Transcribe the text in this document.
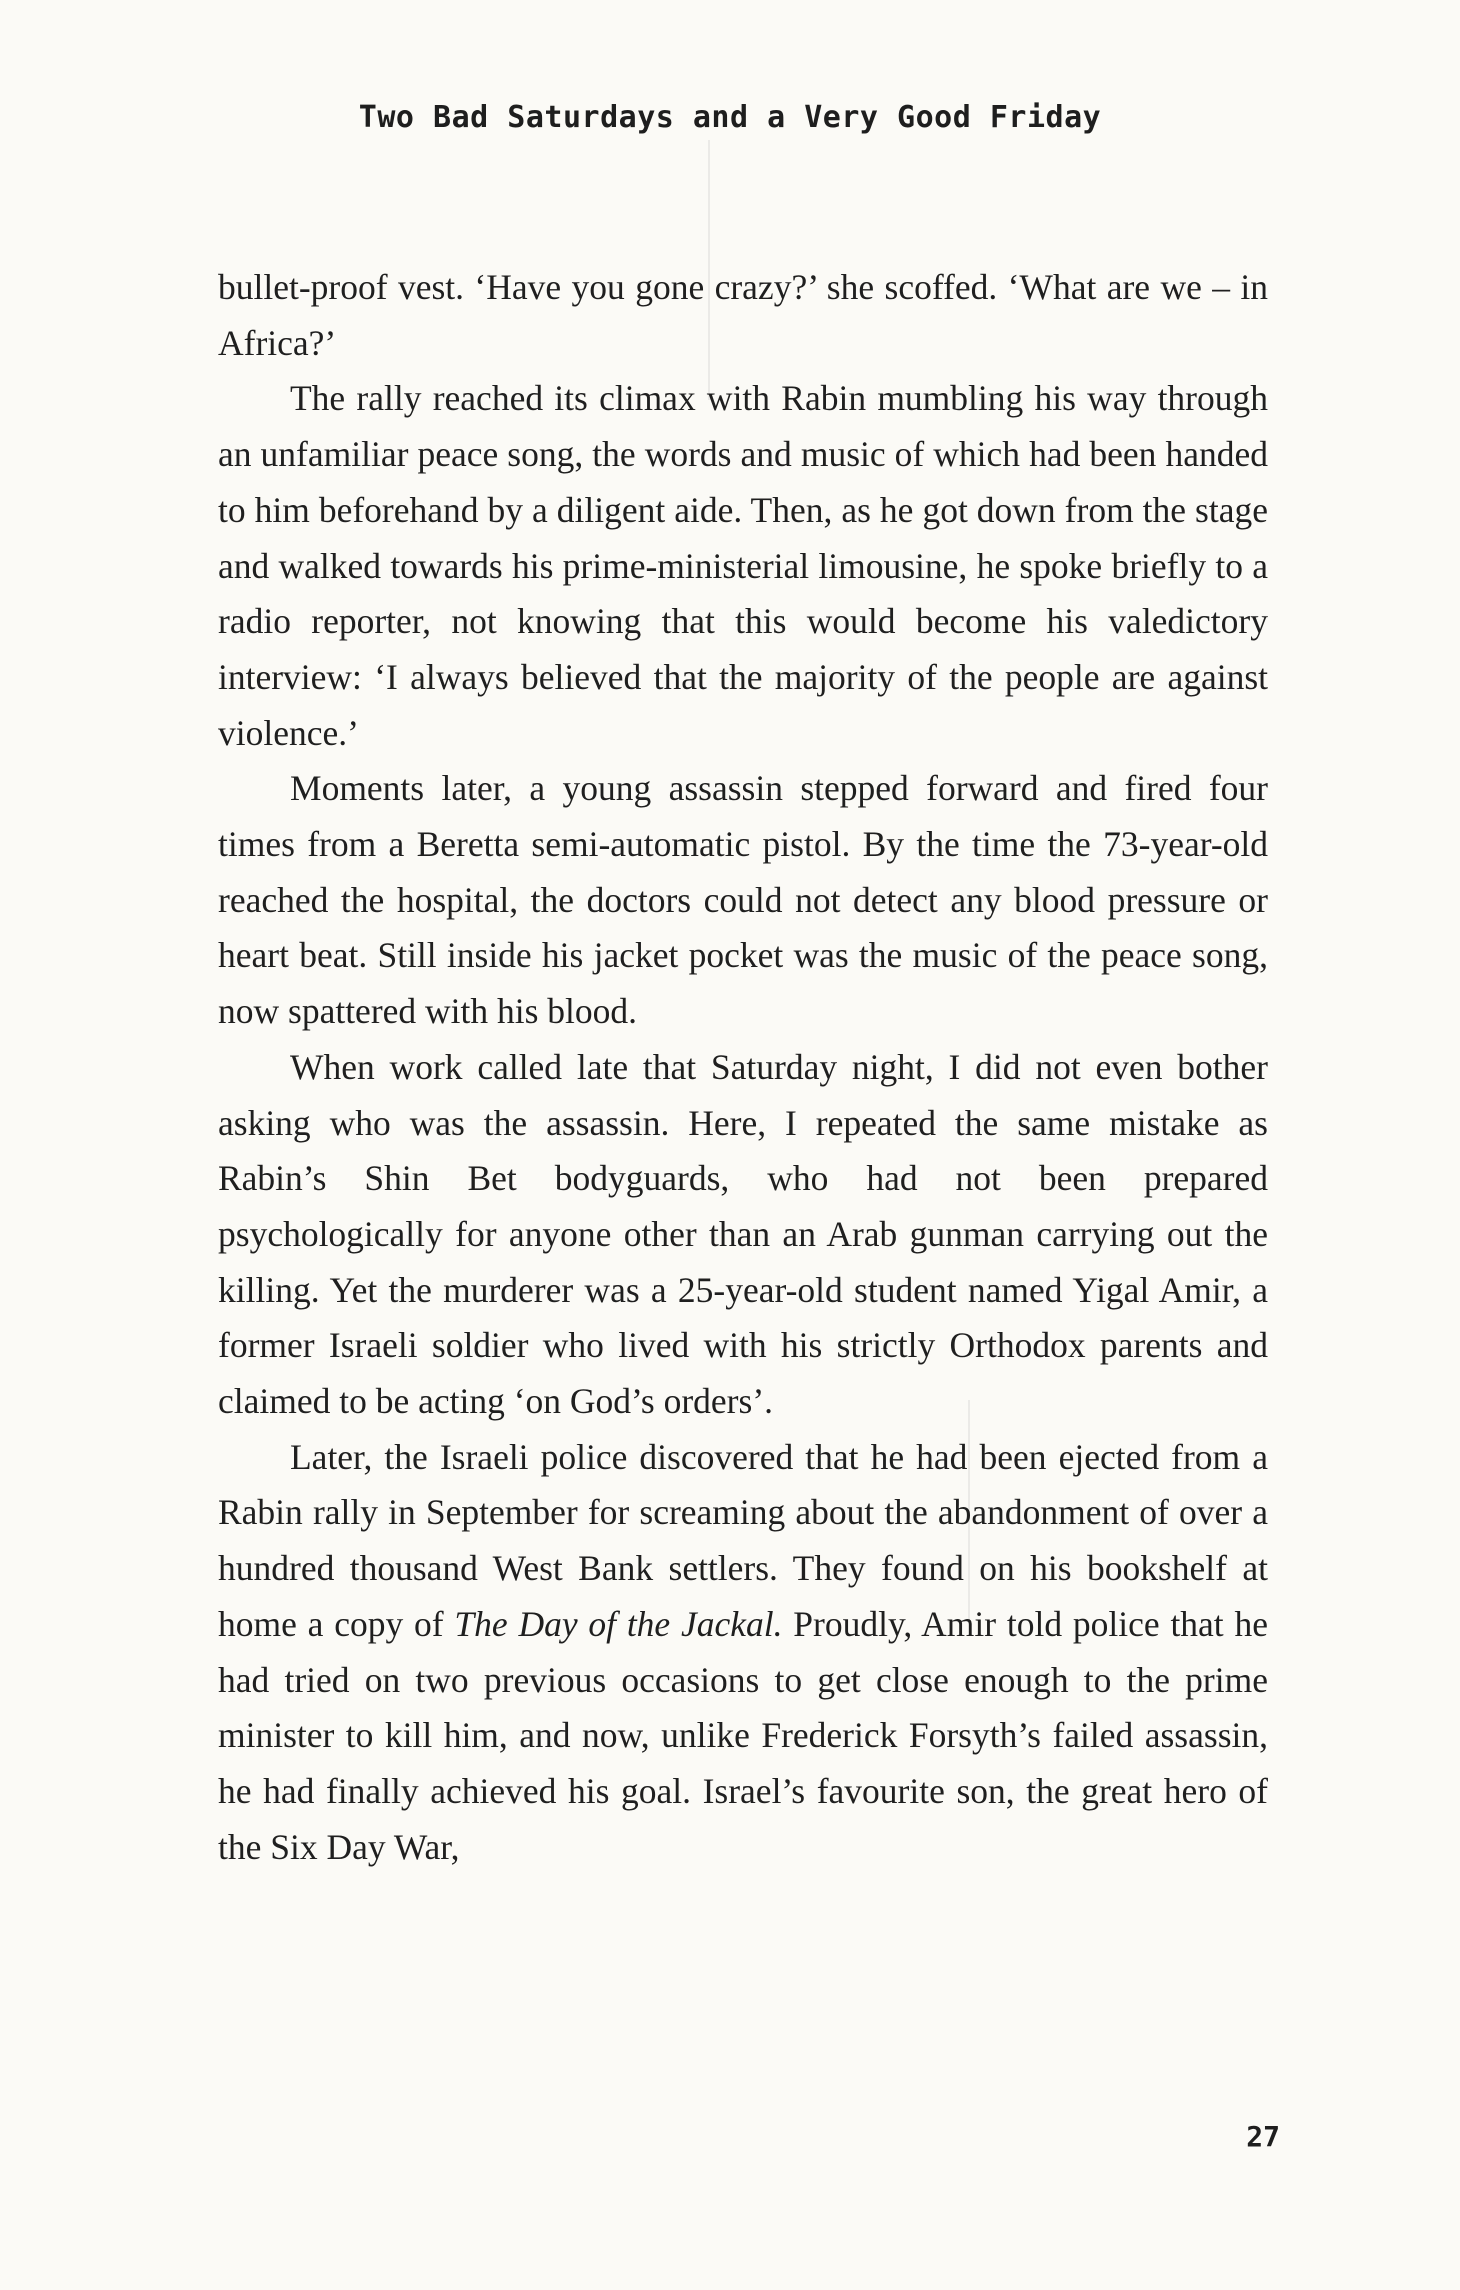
Two Bad Saturdays and a Very Good Friday

bullet-proof vest. ‘Have you gone crazy?’ she scoffed. ‘What are we – in Africa?’

The rally reached its climax with Rabin mumbling his way through an unfamiliar peace song, the words and music of which had been handed to him beforehand by a diligent aide. Then, as he got down from the stage and walked towards his prime-ministerial limousine, he spoke briefly to a radio reporter, not knowing that this would become his valedictory interview: ‘I always believed that the majority of the people are against violence.’

Moments later, a young assassin stepped forward and fired four times from a Beretta semi-automatic pistol. By the time the 73-year-old reached the hospital, the doctors could not detect any blood pressure or heart beat. Still inside his jacket pocket was the music of the peace song, now spattered with his blood.

When work called late that Saturday night, I did not even bother asking who was the assassin. Here, I repeated the same mistake as Rabin’s Shin Bet bodyguards, who had not been prepared psychologically for anyone other than an Arab gunman carrying out the killing. Yet the murderer was a 25-year-old student named Yigal Amir, a former Israeli soldier who lived with his strictly Orthodox parents and claimed to be acting ‘on God’s orders’.

Later, the Israeli police discovered that he had been ejected from a Rabin rally in September for screaming about the abandonment of over a hundred thousand West Bank settlers. They found on his bookshelf at home a copy of The Day of the Jackal. Proudly, Amir told police that he had tried on two previous occasions to get close enough to the prime minister to kill him, and now, unlike Frederick Forsyth’s failed assassin, he had finally achieved his goal. Israel’s favourite son, the great hero of the Six Day War,

27
